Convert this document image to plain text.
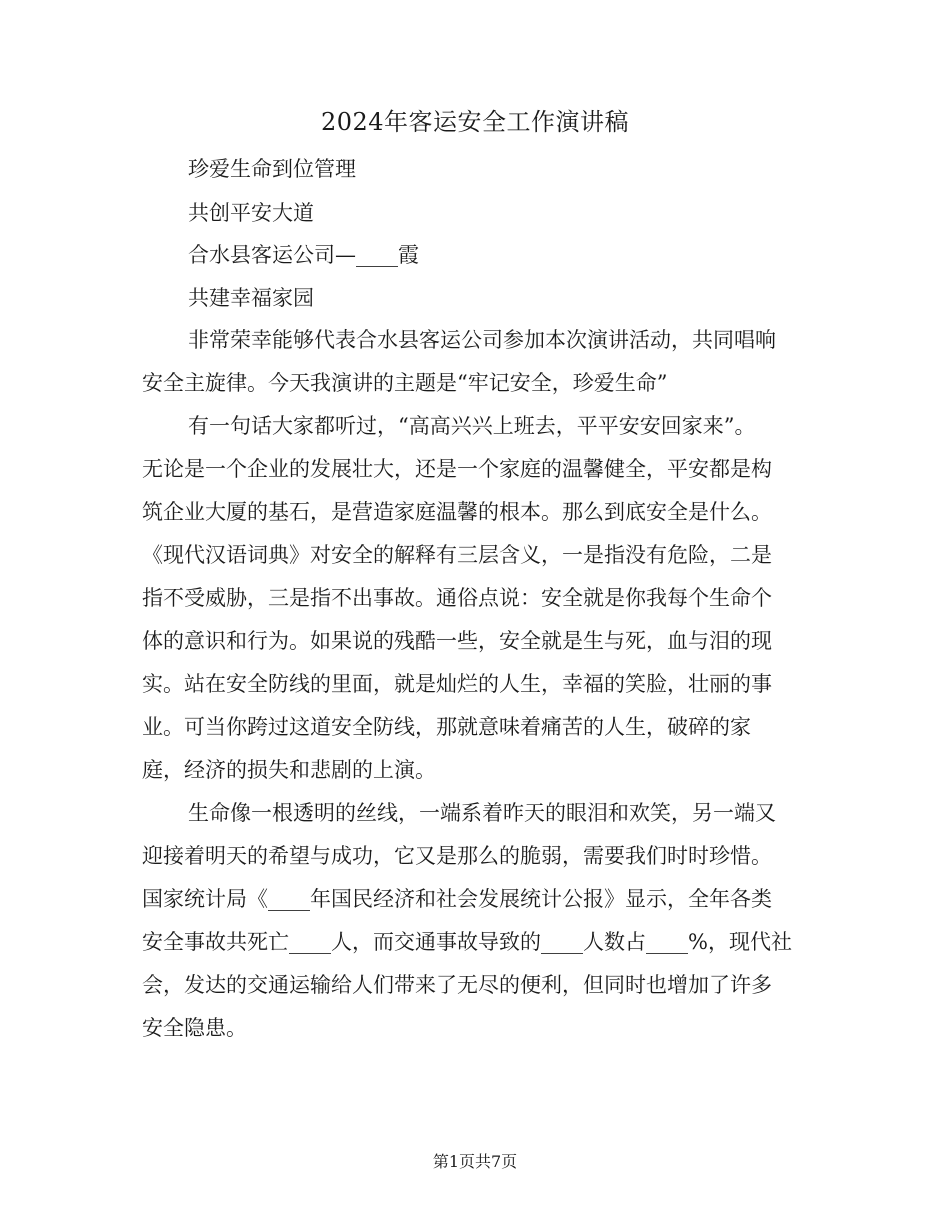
2024年客运安全工作演讲稿
珍爱生命到位管理
共创平安大道
合水县客运公司—____霞
共建幸福家园
非常荣幸能够代表合水县客运公司参加本次演讲活动，共同唱响
安全主旋律。今天我演讲的主题是“牢记安全，珍爱生命”
有一句话大家都听过，“高高兴兴上班去，平平安安回家来”。
无论是一个企业的发展壮大，还是一个家庭的温馨健全，平安都是构
筑企业大厦的基石，是营造家庭温馨的根本。那么到底安全是什么。
《现代汉语词典》对安全的解释有三层含义，一是指没有危险，二是
指不受威胁，三是指不出事故。通俗点说：安全就是你我每个生命个
体的意识和行为。如果说的残酷一些，安全就是生与死，血与泪的现
实。站在安全防线的里面，就是灿烂的人生，幸福的笑脸，壮丽的事
业。可当你跨过这道安全防线，那就意味着痛苦的人生，破碎的家
庭，经济的损失和悲剧的上演。
生命像一根透明的丝线，一端系着昨天的眼泪和欢笑，另一端又
迎接着明天的希望与成功，它又是那么的脆弱，需要我们时时珍惜。
国家统计局《____年国民经济和社会发展统计公报》显示，全年各类
安全事故共死亡____人，而交通事故导致的____人数占____%，现代社
会，发达的交通运输给人们带来了无尽的便利，但同时也增加了许多
安全隐患。
第1页共7页
